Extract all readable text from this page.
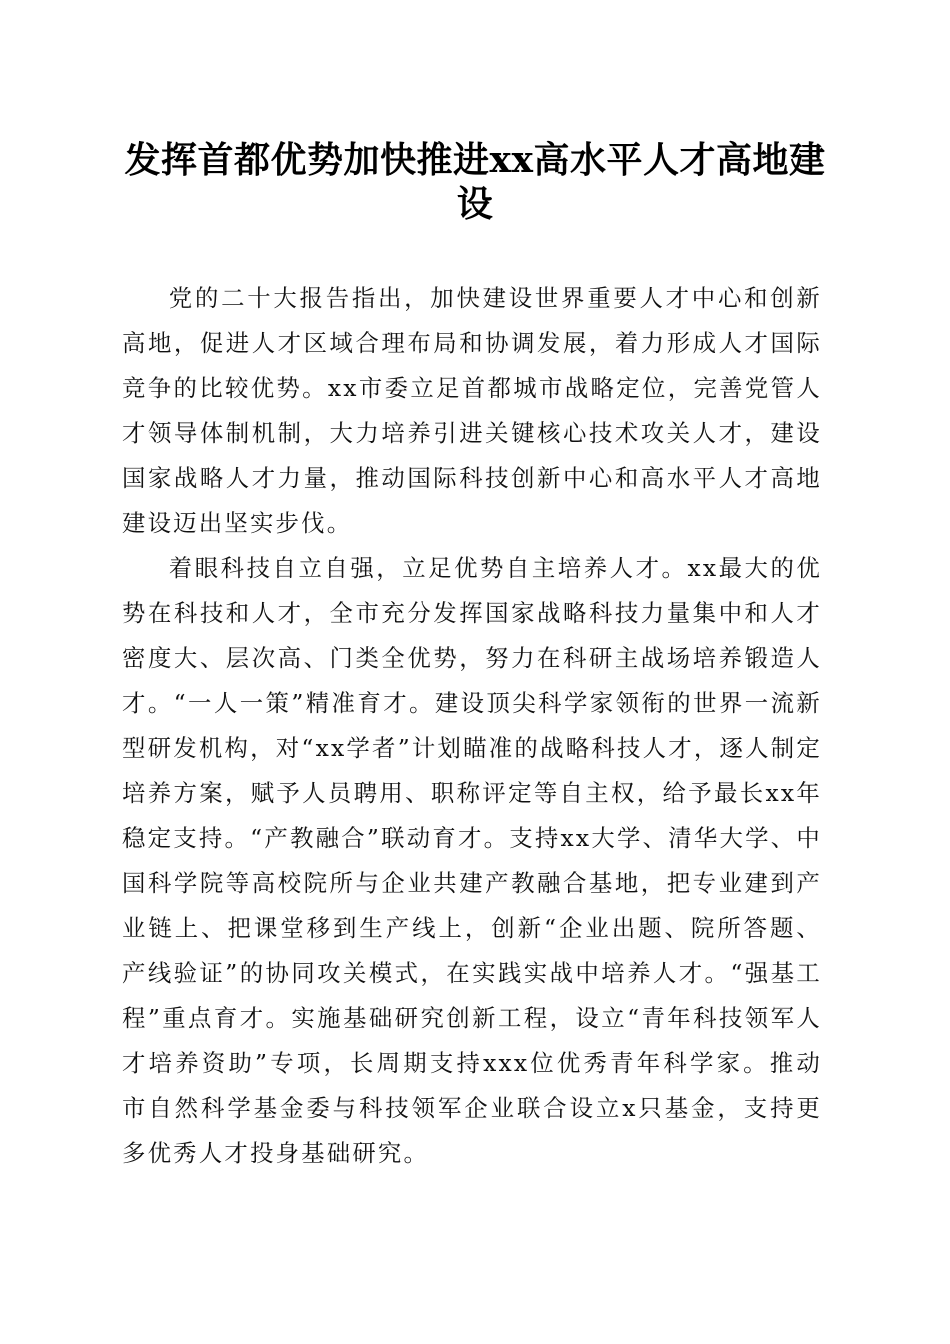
发挥首都优势加快推进xx高水平人才高地建设

党的二十大报告指出，加快建设世界重要人才中心和创新高地，促进人才区域合理布局和协调发展，着力形成人才国际竞争的比较优势。xx市委立足首都城市战略定位，完善党管人才领导体制机制，大力培养引进关键核心技术攻关人才，建设国家战略人才力量，推动国际科技创新中心和高水平人才高地建设迈出坚实步伐。

着眼科技自立自强，立足优势自主培养人才。xx最大的优势在科技和人才，全市充分发挥国家战略科技力量集中和人才密度大、层次高、门类全优势，努力在科研主战场培养锻造人才。“一人一策”精准育才。建设顶尖科学家领衔的世界一流新型研发机构，对“xx学者”计划瞄准的战略科技人才，逐人制定培养方案，赋予人员聘用、职称评定等自主权，给予最长xx年稳定支持。“产教融合”联动育才。支持xx大学、清华大学、中国科学院等高校院所与企业共建产教融合基地，把专业建到产业链上、把课堂移到生产线上，创新“企业出题、院所答题、产线验证”的协同攻关模式，在实践实战中培养人才。“强基工程”重点育才。实施基础研究创新工程，设立“青年科技领军人才培养资助”专项，长周期支持xxx位优秀青年科学家。推动市自然科学基金委与科技领军企业联合设立x只基金，支持更多优秀人才投身基础研究。
